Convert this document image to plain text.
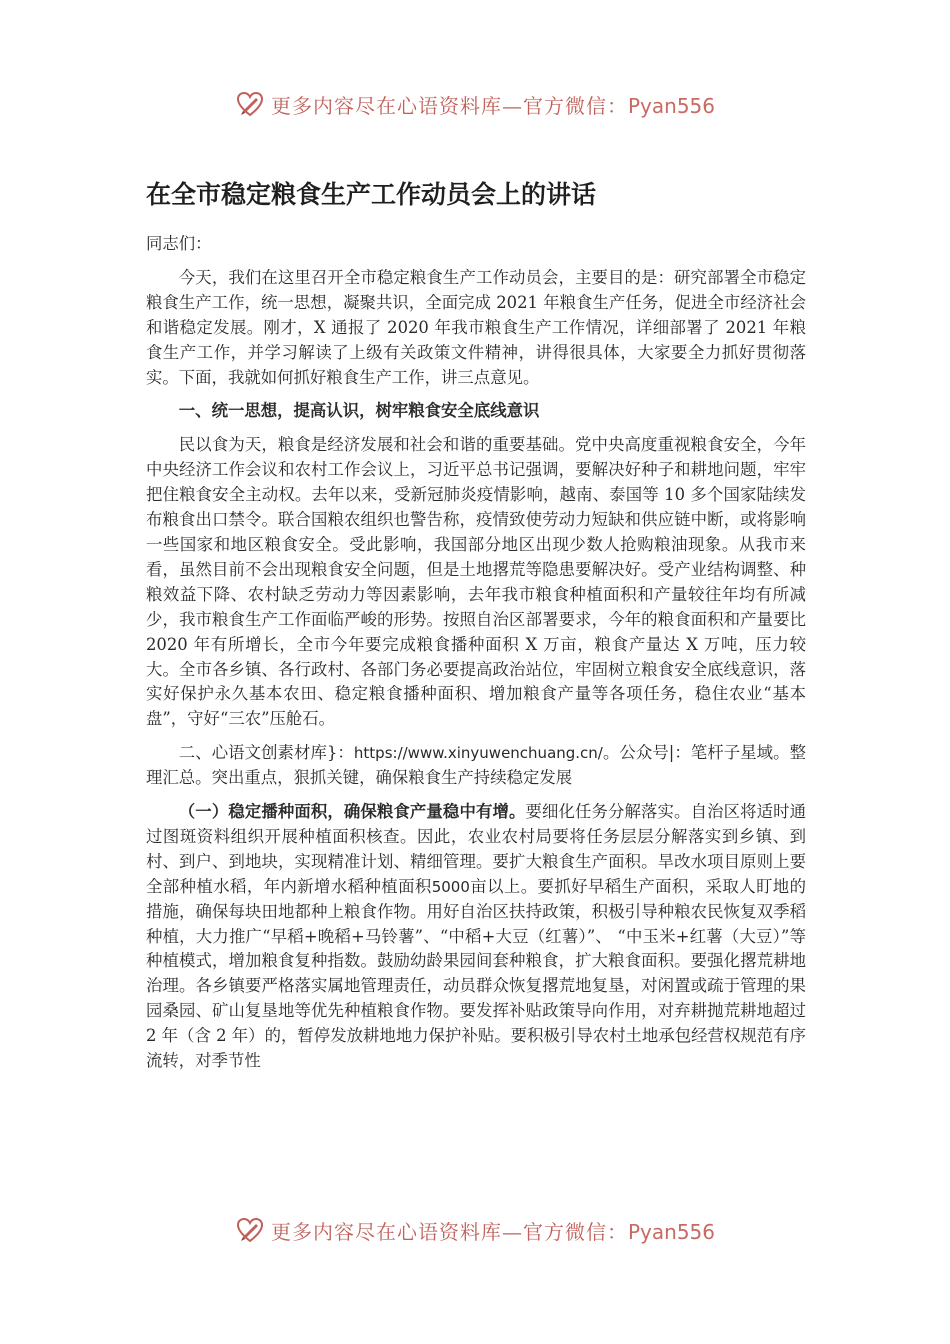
更多内容尽在心语资料库—官方微信：Pyan556
在全市稳定粮食生产工作动员会上的讲话

同志们：

今天，我们在这里召开全市稳定粮食生产工作动员会，主要目的是：研究部署全市稳定粮食生产工作，统一思想，凝聚共识，全面完成 2021 年粮食生产任务，促进全市经济社会和谐稳定发展。刚才，X 通报了 2020 年我市粮食生产工作情况，详细部署了 2021 年粮食生产工作，并学习解读了上级有关政策文件精神，讲得很具体，大家要全力抓好贯彻落实。下面，我就如何抓好粮食生产工作，讲三点意见。

一、统一思想，提高认识，树牢粮食安全底线意识

民以食为天，粮食是经济发展和社会和谐的重要基础。党中央高度重视粮食安全，今年中央经济工作会议和农村工作会议上，习近平总书记强调，要解决好种子和耕地问题，牢牢把住粮食安全主动权。去年以来，受新冠肺炎疫情影响，越南、泰国等 10 多个国家陆续发布粮食出口禁令。联合国粮农组织也警告称，疫情致使劳动力短缺和供应链中断，或将影响一些国家和地区粮食安全。受此影响，我国部分地区出现少数人抢购粮油现象。从我市来看，虽然目前不会出现粮食安全问题，但是土地撂荒等隐患要解决好。受产业结构调整、种粮效益下降、农村缺乏劳动力等因素影响，去年我市粮食种植面积和产量较往年均有所减少，我市粮食生产工作面临严峻的形势。按照自治区部署要求，今年的粮食面积和产量要比 2020 年有所增长，全市今年要完成粮食播种面积 X 万亩，粮食产量达 X 万吨，压力较大。全市各乡镇、各行政村、各部门务必要提高政治站位，牢固树立粮食安全底线意识，落实好保护永久基本农田、稳定粮食播种面积、增加粮食产量等各项任务，稳住农业“基本盘”，守好“三农”压舱石。

二、心语文创素材库}：https://www.xinyuwenchuang.cn/。公众号|：笔杆子星域。整理汇总。突出重点，狠抓关键，确保粮食生产持续稳定发展

（一）稳定播种面积，确保粮食产量稳中有增。要细化任务分解落实。自治区将适时通过图斑资料组织开展种植面积核查。因此，农业农村局要将任务层层分解落实到乡镇、到村、到户、到地块，实现精准计划、精细管理。要扩大粮食生产面积。旱改水项目原则上要全部种植水稻，年内新增水稻种植面积5000亩以上。要抓好早稻生产面积，采取人盯地的措施，确保每块田地都种上粮食作物。用好自治区扶持政策，积极引导种粮农民恢复双季稻种植，大力推广“早稻+晚稻+马铃薯”、“中稻+大豆（红薯）”、 “中玉米+红薯（大豆）”等种植模式，增加粮食复种指数。鼓励幼龄果园间套种粮食，扩大粮食面积。要强化撂荒耕地治理。各乡镇要严格落实属地管理责任，动员群众恢复撂荒地复垦，对闲置或疏于管理的果园桑园、矿山复垦地等优先种植粮食作物。要发挥补贴政策导向作用，对弃耕抛荒耕地超过 2 年（含 2 年）的，暂停发放耕地地力保护补贴。要积极引导农村土地承包经营权规范有序流转，对季节性

更多内容尽在心语资料库—官方微信：Pyan556
